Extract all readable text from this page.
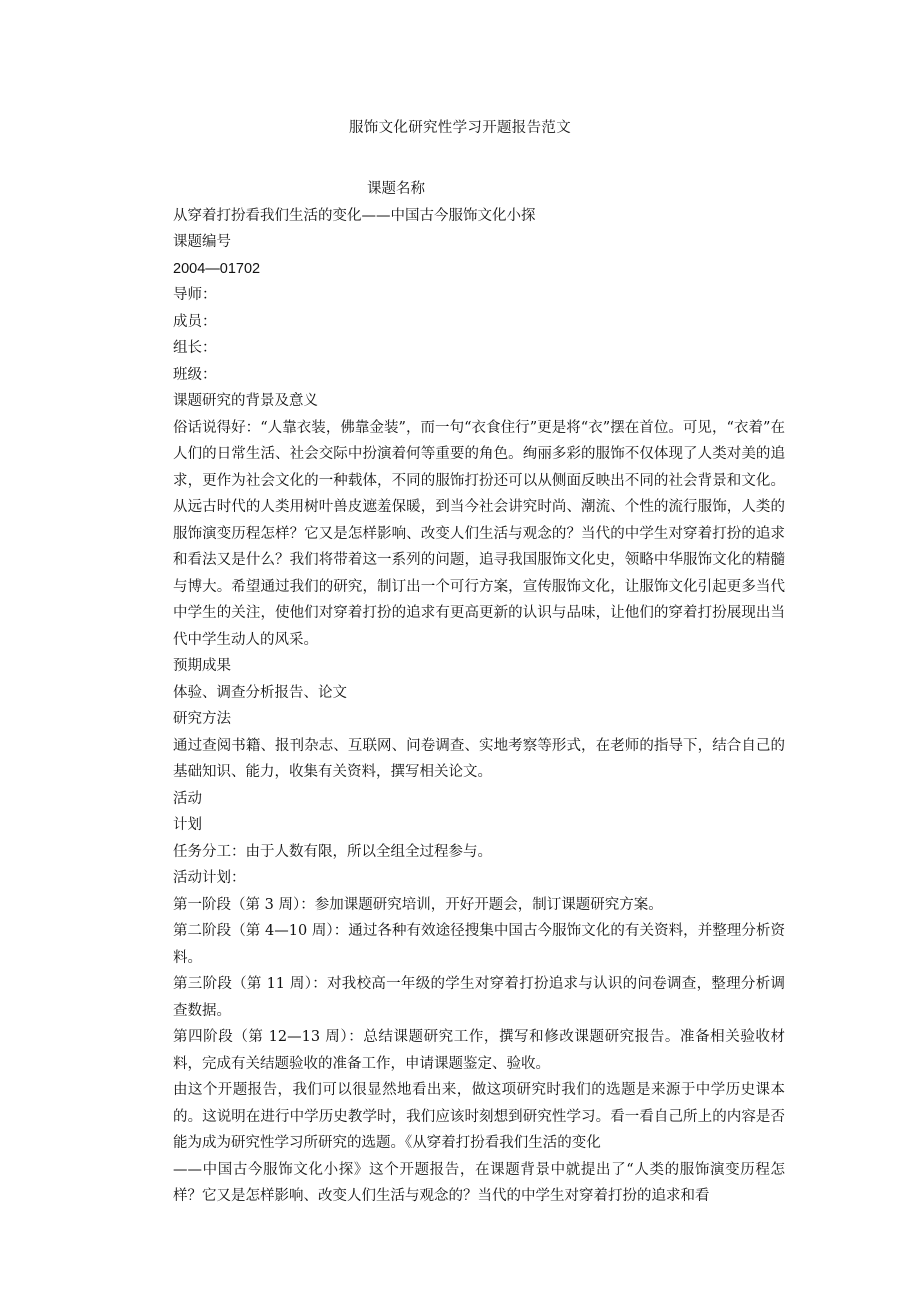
服饰文化研究性学习开题报告范文
课题名称
从穿着打扮看我们生活的变化——中国古今服饰文化小探
课题编号
2004—01702
导师：
成员：
组长：
班级：
课题研究的背景及意义
俗话说得好：“人靠衣装，佛靠金装”，而一句“衣食住行”更是将“衣”摆在首位。可见，“衣着”在人们的日常生活、社会交际中扮演着何等重要的角色。绚丽多彩的服饰不仅体现了人类对美的追求，更作为社会文化的一种载体，不同的服饰打扮还可以从侧面反映出不同的社会背景和文化。从远古时代的人类用树叶兽皮遮羞保暖，到当今社会讲究时尚、潮流、个性的流行服饰，人类的服饰演变历程怎样？它又是怎样影响、改变人们生活与观念的？当代的中学生对穿着打扮的追求和看法又是什么？我们将带着这一系列的问题，追寻我国服饰文化史，领略中华服饰文化的精髓与博大。希望通过我们的研究，制订出一个可行方案，宣传服饰文化，让服饰文化引起更多当代中学生的关注，使他们对穿着打扮的追求有更高更新的认识与品味，让他们的穿着打扮展现出当代中学生动人的风采。
预期成果
体验、调查分析报告、论文
研究方法
通过查阅书籍、报刊杂志、互联网、问卷调查、实地考察等形式，在老师的指导下，结合自己的基础知识、能力，收集有关资料，撰写相关论文。
活动
计划
任务分工：由于人数有限，所以全组全过程参与。
活动计划：
第一阶段（第 3 周）：参加课题研究培训，开好开题会，制订课题研究方案。
第二阶段（第 4—10 周）：通过各种有效途径搜集中国古今服饰文化的有关资料，并整理分析资料。
第三阶段（第 11 周）：对我校高一年级的学生对穿着打扮追求与认识的问卷调查，整理分析调查数据。
第四阶段（第 12—13 周）：总结课题研究工作，撰写和修改课题研究报告。准备相关验收材料，完成有关结题验收的准备工作，申请课题鉴定、验收。
由这个开题报告，我们可以很显然地看出来，做这项研究时我们的选题是来源于中学历史课本的。这说明在进行中学历史教学时，我们应该时刻想到研究性学习。看一看自己所上的内容是否能为成为研究性学习所研究的选题。《从穿着打扮看我们生活的变化
——中国古今服饰文化小探》这个开题报告，在课题背景中就提出了“人类的服饰演变历程怎样？它又是怎样影响、改变人们生活与观念的？当代的中学生对穿着打扮的追求和看
